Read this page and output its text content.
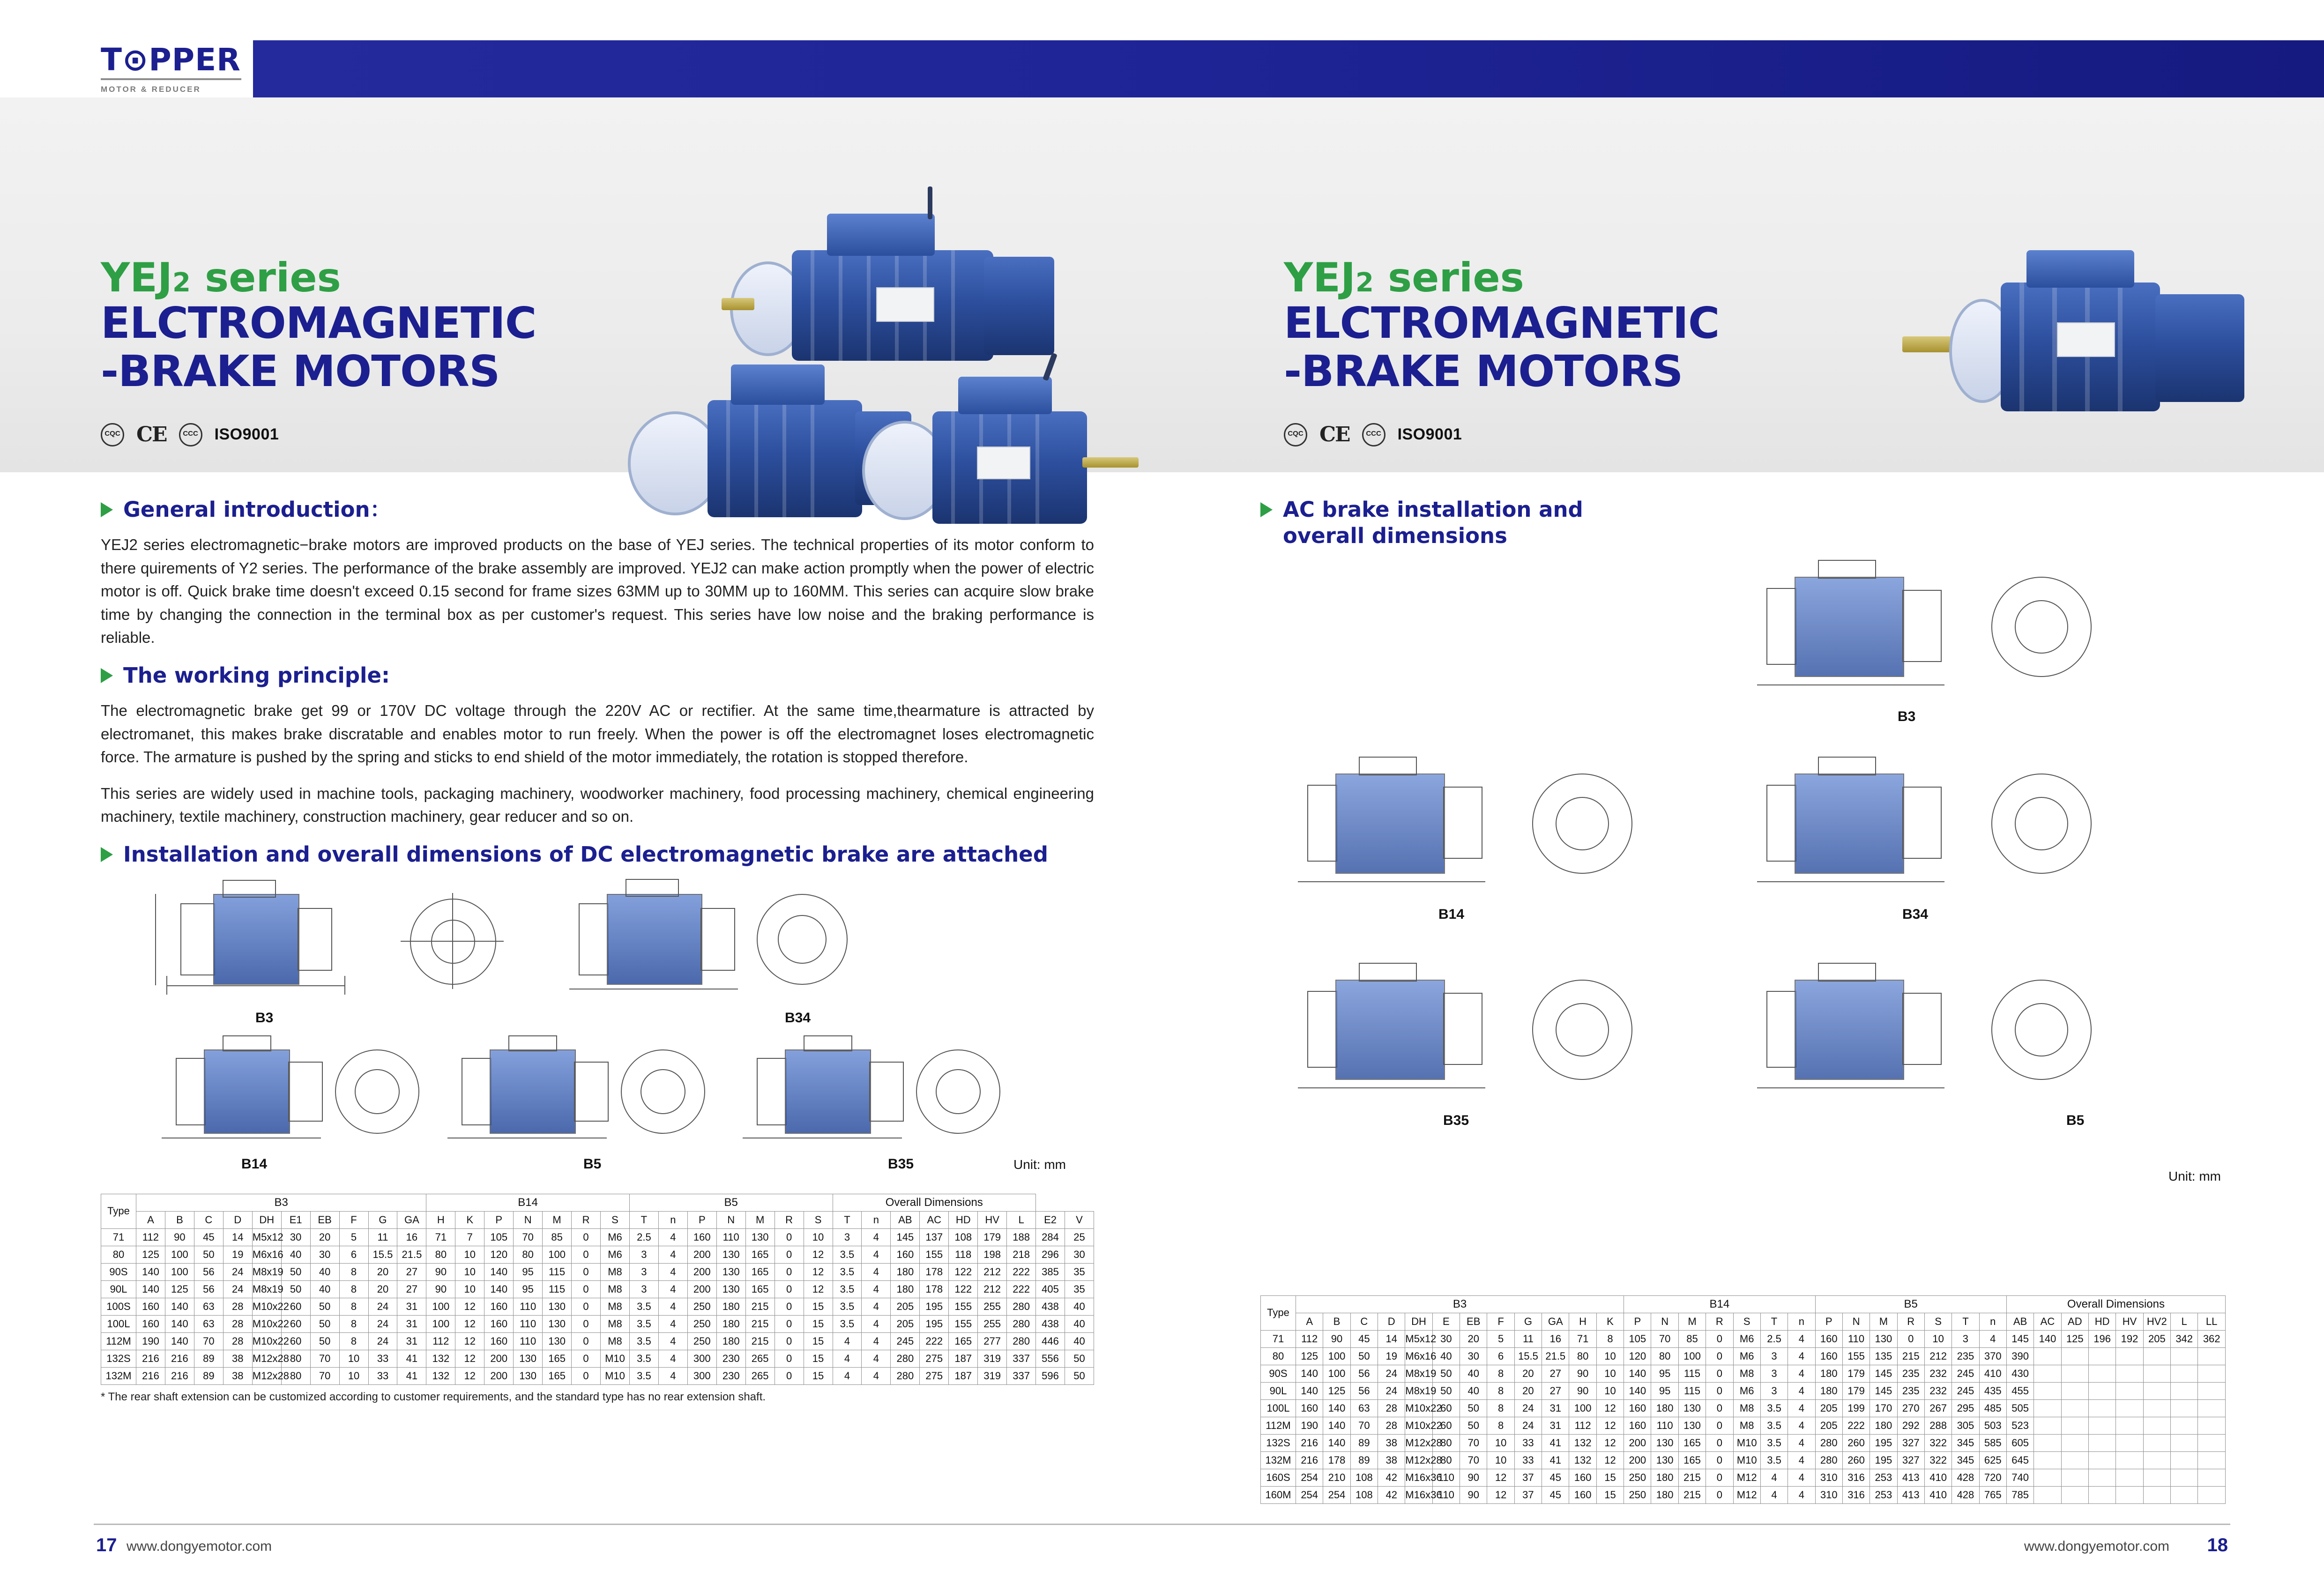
T⊙PPER
MOTOR & REDUCER
YEJ2 series
ELCTROMAGNETIC
-BRAKE MOTORS
CQC CE	CCC ISO9001
YEJ2 series
ELCTROMAGNETIC
-BRAKE MOTORS
CQC CE	CCC ISO9001
General introduction：

YEJ2 series electromagnetic−brake motors are improved products on the base of YEJ series. The technical properties of its motor conform to there quirements of Y2 series. The performance of the brake assembly are improved. YEJ2 can make action promptly when the power of electric motor is off. Quick brake time doesn't exceed 0.15 second for frame sizes 63MM up to 30MM up to 160MM. This series can acquire slow brake time by changing the connection in the terminal box as per customer's request. This series have low noise and the braking performance is reliable.

The working principle:

The electromagnetic brake get 99 or 170V DC voltage through the 220V AC or rectifier. At the same time,thearmature is attracted by electromanet, this makes brake discratable and enables motor to run freely. When the power is off the electromagnet loses electromagnetic force. The armature is pushed by the spring and sticks to end shield of the motor immediately, the rotation is stopped therefore.

This series are widely used in machine tools, packaging machinery, woodworker machinery, food processing machinery, chemical engineering machinery, textile machinery, construction machinery, gear reducer and so on.

Installation and overall dimensions of DC electromagnetic brake are attached
B3	B34
B14	B5	B35	Unit: mm
Type	B3										B14							B5							Overall Dimensions								
	A	B	C	D	DH	E1	EB	F	G	GA	H	K	P	N	M	R	S	T	n	P	N	M	R	S	T	n	AB	AC	HD	HV	L	E2	V
71	112	90	45	14	M5x12	30	20	5	11	16	71	7	105	70	85	0	M6	2.5	4	160	110	130	0	10	3	4	145	137	108	179	188	284	25
80	125	100	50	19	M6x16	40	30	6	15.5	21.5	80	10	120	80	100	0	M6	3	4	200	130	165	0	12	3.5	4	160	155	118	198	218	296	30
90S	140	100	56	24	M8x19	50	40	8	20	27	90	10	140	95	115	0	M8	3	4	200	130	165	0	12	3.5	4	180	178	122	212	222	385	35
90L	140	125	56	24	M8x19	50	40	8	20	27	90	10	140	95	115	0	M8	3	4	200	130	165	0	12	3.5	4	180	178	122	212	222	405	35
100S	160	140	63	28	M10x22	60	50	8	24	31	100	12	160	110	130	0	M8	3.5	4	250	180	215	0	15	3.5	4	205	195	155	255	280	438	40
100L	160	140	63	28	M10x22	60	50	8	24	31	100	12	160	110	130	0	M8	3.5	4	250	180	215	0	15	3.5	4	205	195	155	255	280	438	40
112M	190	140	70	28	M10x22	60	50	8	24	31	112	12	160	110	130	0	M8	3.5	4	250	180	215	0	15	4	4	245	222	165	277	280	446	40
132S	216	216	89	38	M12x28	80	70	10	33	41	132	12	200	130	165	0	M10	3.5	4	300	230	265	0	15	4	4	280	275	187	319	337	556	50
132M	216	216	89	38	M12x28	80	70	10	33	41	132	12	200	130	165	0	M10	3.5	4	300	230	265	0	15	4	4	280	275	187	319	337	596	50
* The rear shaft extension can be customized according to customer requirements, and the standard type has no rear extension shaft.
AC brake installation and
overall dimensions
B3
B14	B34
B35	B5
Unit: mm
Type	B3												B14							B5							Overall Dimensions							
	A	B	C	D	DH	E	EB	F	G	GA	H	K	P	N	M	R	S	T	n	P	N	M	R	S	T	n	AB	AC	AD	HD	HV	HV2	L	LL
71	112	90	45	14	M5x12	30	20	5	11	16	71	8	105	70	85	0	M6	2.5	4	160	110	130	0	10	3	4	145	140	125	196	192	205	342	362
80	125	100	50	19	M6x16	40	30	6	15.5	21.5	80	10	120	80	100	0	M6	3	4	160	155	135	215	212	235	370	390							
90S	140	100	56	24	M8x19	50	40	8	20	27	90	10	140	95	115	0	M8	3	4	180	179	145	235	232	245	410	430							
90L	140	125	56	24	M8x19	50	40	8	20	27	90	10	140	95	115	0	M6	3	4	180	179	145	235	232	245	435	455							
100L	160	140	63	28	M10x22	60	50	8	24	31	100	12	160	180	130	0	M8	3.5	4	205	199	170	270	267	295	485	505							
112M	190	140	70	28	M10x22	60	50	8	24	31	112	12	160	110	130	0	M8	3.5	4	205	222	180	292	288	305	503	523							
132S	216	140	89	38	M12x28	80	70	10	33	41	132	12	200	130	165	0	M10	3.5	4	280	260	195	327	322	345	585	605							
132M	216	178	89	38	M12x28	80	70	10	33	41	132	12	200	130	165	0	M10	3.5	4	280	260	195	327	322	345	625	645							
160S	254	210	108	42	M16x36	110	90	12	37	45	160	15	250	180	215	0	M12	4	4	310	316	253	413	410	428	720	740							
160M	254	254	108	42	M16x36	110	90	12	37	45	160	15	250	180	215	0	M12	4	4	310	316	253	413	410	428	765	785							
17 www.dongyemotor.com	www.dongyemotor.com 18
